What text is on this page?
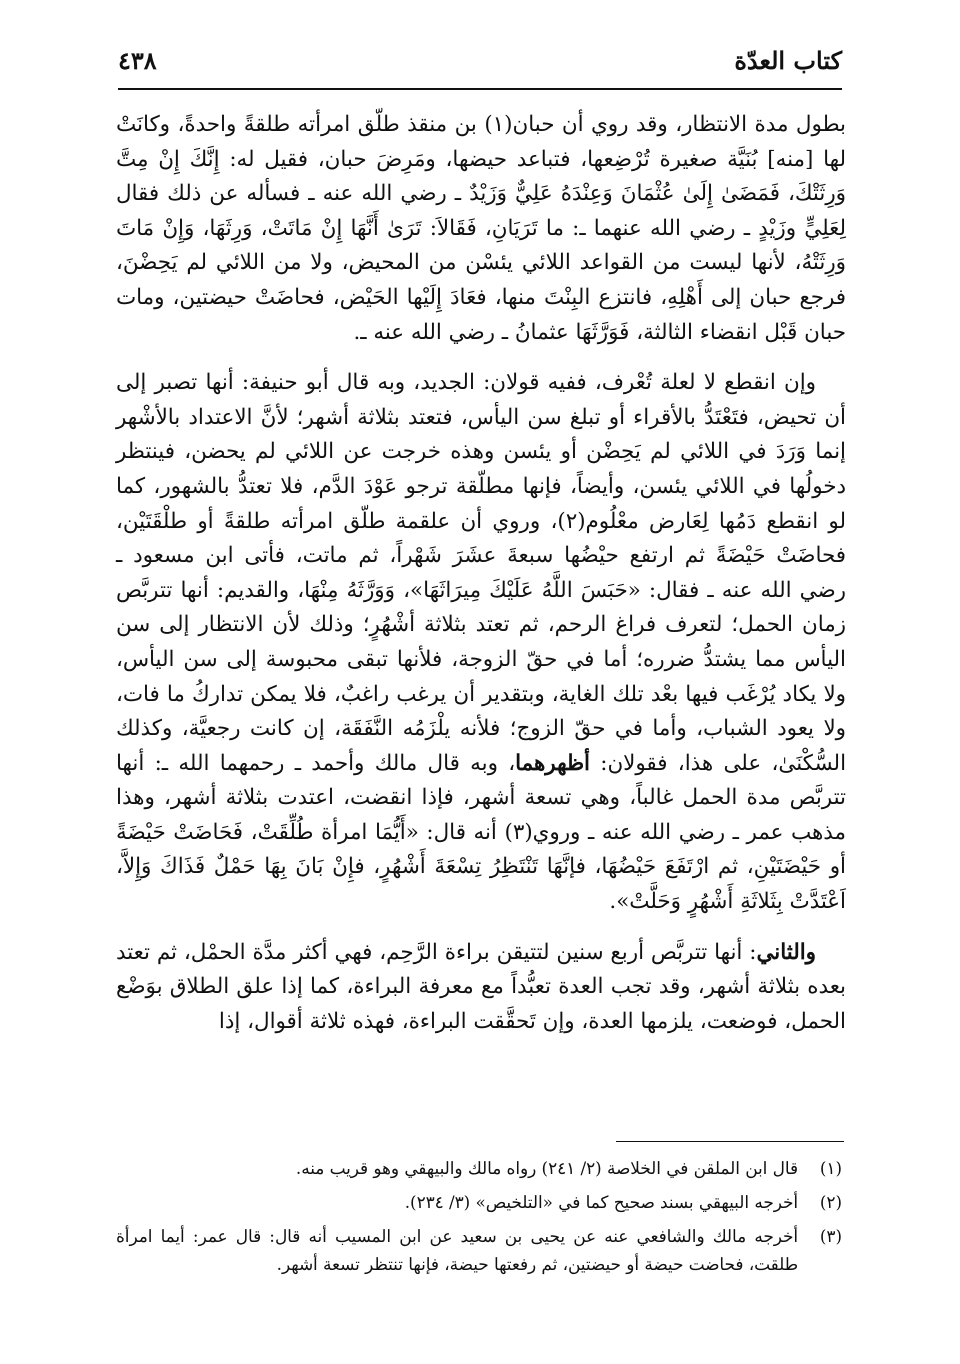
كتاب العدّة
٤٣٨

بطول مدة الانتظار، وقد روي أن حبان(١) بن منقذ طلّق امرأته طلقةً واحدةً، وكانَتْ لها [منه] بُنَيَّة صغيرة تُرْضِعها، فتباعد حيضها، ومَرِضَ حبان، فقيل له: إِنَّكَ إِنْ مِتَّ وَرِثَتْكَ، فَمَضَىٰ إِلَىٰ عُثْمَانَ وَعِنْدَهُ عَلِيٌّ وَزَيْدٌ ـ رضي الله عنه ـ فسأله عن ذلك فقال لِعَلِيٍّ وزَيْدٍ ـ رضي الله عنهما ـ: ما تَرَيَانِ، فَقَالاَ: تَرَىٰ أَنَّهَا إِنْ مَاتَتْ، وَرِثَهَا، وَإِنْ مَاتَ وَرِثَتْهُ، لأنها ليست من القواعد اللائي يئسْن من المحيض، ولا من اللائي لم يَحِضْنَ، فرجع حبان إلى أَهْلِهِ، فانتزع البِنْتَ منها، فعَادَ إِلَيْها الحَيْض، فحاضَتْ حيضتين، ومات حبان قَبْل انقضاء الثالثة، فَوَرَّثَهَا عثمانُ ـ رضي الله عنه ـ.

وإن انقطع لا لعلة تُعْرف، ففيه قولان: الجديد، وبه قال أبو حنيفة: أنها تصبر إلى أن تحيض، فتَعْتَدُّ بالأقراء أو تبلغ سن اليأس، فتعتد بثلاثة أشهر؛ لأنَّ الاعتداد بالأشْهر إنما وَرَدَ في اللائي لم يَحِضْن أو يئسن وهذه خرجت عن اللائي لم يحضن، فينتظر دخولُها في اللائي يئسن، وأيضاً، فإنها مطلّقة ترجو عَوْدَ الدَّم، فلا تعتدُّ بالشهور، كما لو انقطع دَمُها لِعَارض معْلُوم(٢)، وروي أن علقمة طلّق امرأته طلقةً أو طلْقَتَيْن، فحاضَتْ حَيْضَةً ثم ارتفع حيْضُها سبعةَ عشَرَ شَهْراً، ثم ماتت، فأتى ابن مسعود ـ رضي الله عنه ـ فقال: «حَبَسَ اللَّهُ عَلَيْكَ مِيرَاثَهَا»، وَوَرَّثَهُ مِنْهَا، والقديم: أنها تتربَّص زمان الحمل؛ لتعرف فراغ الرحم، ثم تعتد بثلاثة أشْهُرٍ؛ وذلك لأن الانتظار إلى سن اليأس مما يشتدُّ ضرره؛ أما في حقّ الزوجة، فلأنها تبقى محبوسة إلى سن اليأس، ولا يكاد يُرْغَب فيها بعْد تلك الغاية، وبتقدير أن يرغب راغبٌ، فلا يمكن تداركُ ما فات، ولا يعود الشباب، وأما في حقّ الزوج؛ فلأنه يلْزَمُه النَّفَقَة، إن كانت رجعيَّة، وكذلك السُّكْنَىٰ، على هذا، فقولان: أظهرهما، وبه قال مالك وأحمد ـ رحمهما الله ـ: أنها تتربَّص مدة الحمل غالباً، وهي تسعة أشهر، فإذا انقضت، اعتدت بثلاثة أشهر، وهذا مذهب عمر ـ رضي الله عنه ـ وروي(٣) أنه قال: «أَيُّمَا امرأة طُلِّقَتْ، فَحَاضَتْ حَيْضَةً أو حَيْضَتَيْنِ، ثم ارْتَفَعَ حَيْضُهَا، فإنَّهَا تَنْتَظِرُ تِسْعَةَ أَشْهُرٍ، فإِنْ بَانَ بِهَا حَمْلٌ فَذَاكَ وَإِلاَّ، اَعْتَدَّتْ بِثَلاثَةِ أَشْهُرٍ وَحَلَّتْ».

والثاني: أنها تتربَّص أربع سنين لتتيقن براءة الرَّحِم، فهي أكثر مدَّة الحمْل، ثم تعتد بعده بثلاثة أشهر، وقد تجب العدة تعبُّداً مع معرفة البراءة، كما إذا علق الطلاق بوَضْع الحمل، فوضعت، يلزمها العدة، وإن تَحقَّقت البراءة، فهذه ثلاثة أقوال، إذا

(١)
قال ابن الملقن في الخلاصة (٢/ ٢٤١) رواه مالك والبيهقي وهو قريب منه.
(٢)
أخرجه البيهقي بسند صحيح كما في «التلخيص» (٣/ ٢٣٤).
(٣)
أخرجه مالك والشافعي عنه عن يحيى بن سعيد عن ابن المسيب أنه قال: قال عمر: أيما امرأة طلقت، فحاضت حيضة أو حيضتين، ثم رفعتها حيضة، فإنها تنتظر تسعة أشهر.
